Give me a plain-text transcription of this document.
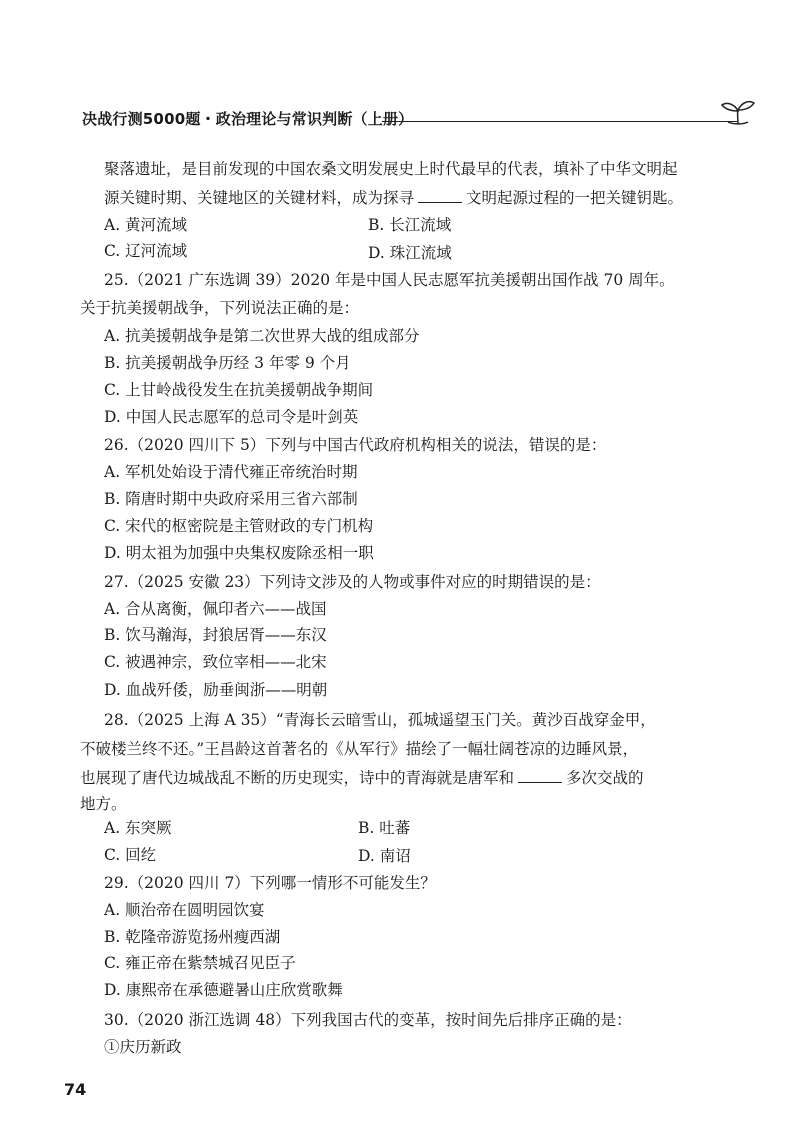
决战行测5000题・政治理论与常识判断（上册）
聚落遗址，是目前发现的中国农桑文明发展史上时代最早的代表，填补了中华文明起
源关键时期、关键地区的关键材料，成为探寻	文明起源过程的一把关键钥匙。
A. 黄河流域	B. 长江流域
C. 辽河流域	D. 珠江流域
25.（2021 广东选调 39）2020 年是中国人民志愿军抗美援朝出国作战 70 周年。
关于抗美援朝战争，下列说法正确的是：
A. 抗美援朝战争是第二次世界大战的组成部分
B. 抗美援朝战争历经 3 年零 9 个月
C. 上甘岭战役发生在抗美援朝战争期间
D. 中国人民志愿军的总司令是叶剑英
26.（2020 四川下 5）下列与中国古代政府机构相关的说法，错误的是：
A. 军机处始设于清代雍正帝统治时期
B. 隋唐时期中央政府采用三省六部制
C. 宋代的枢密院是主管财政的专门机构
D. 明太祖为加强中央集权废除丞相一职
27.（2025 安徽 23）下列诗文涉及的人物或事件对应的时期错误的是：
A. 合从离衡，佩印者六——战国
B. 饮马瀚海，封狼居胥——东汉
C. 被遇神宗，致位宰相——北宋
D. 血战歼倭，励垂闽浙——明朝
28.（2025 上海 A 35）“青海长云暗雪山，孤城遥望玉门关。黄沙百战穿金甲，
不破楼兰终不还。”王昌龄这首著名的《从军行》描绘了一幅壮阔苍凉的边睡风景，
也展现了唐代边城战乱不断的历史现实，诗中的青海就是唐军和	多次交战的
地方。
A. 东突厥	B. 吐蕃
C. 回纥	D. 南诏
29.（2020 四川 7）下列哪一情形不可能发生？
A. 顺治帝在圆明园饮宴
B. 乾隆帝游览扬州瘦西湖
C. 雍正帝在紫禁城召见臣子
D. 康熙帝在承德避暑山庄欣赏歌舞
30.（2020 浙江选调 48）下列我国古代的变革，按时间先后排序正确的是：
①庆历新政
74
